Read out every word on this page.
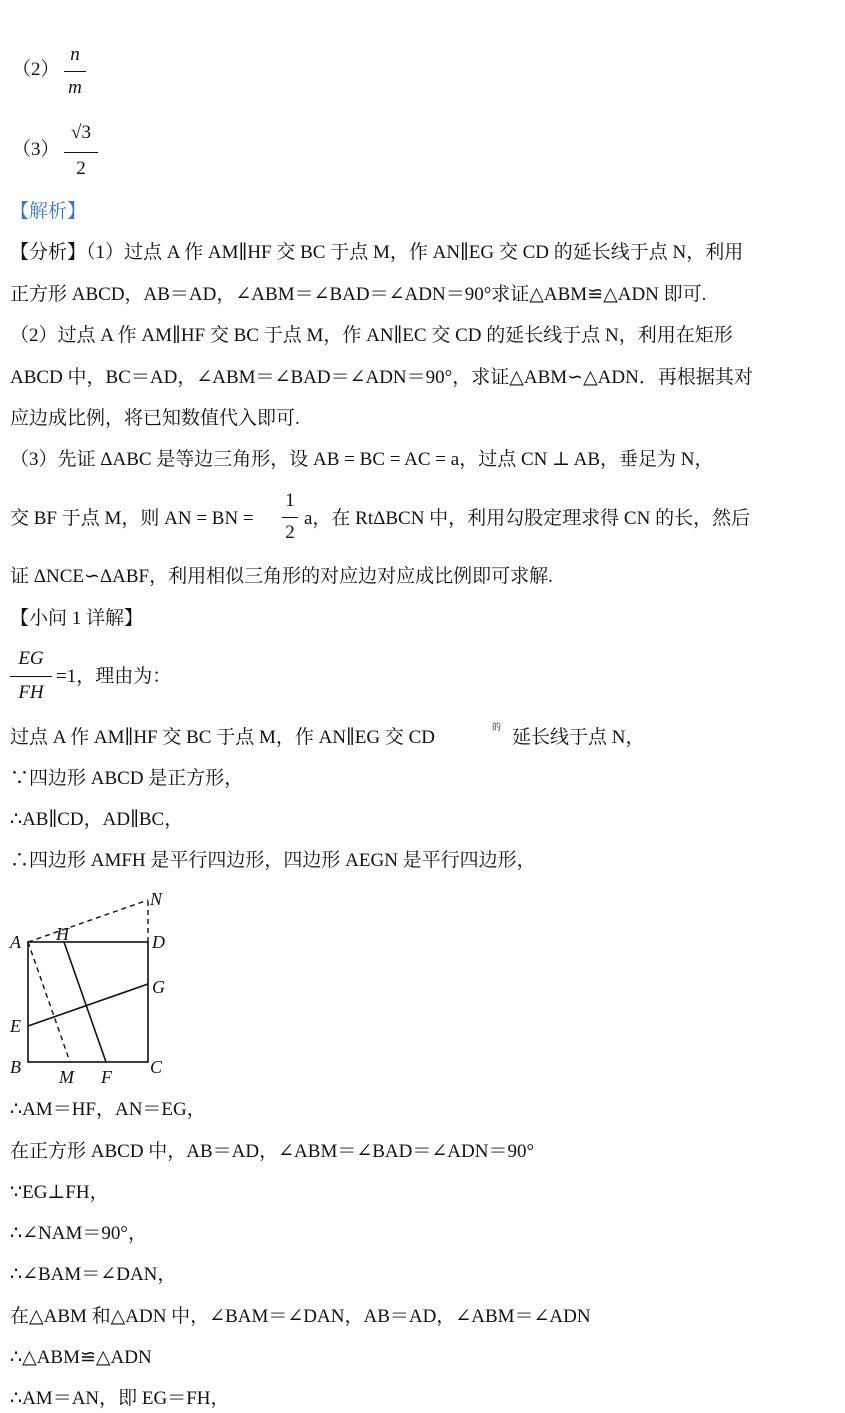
（2）
n
m
（3）
√3
2
【解析】
【分析】（1）过点 A 作 AM∥HF 交 BC 于点 M，作 AN∥EG 交 CD 的延长线于点 N，利用
正方形 ABCD，AB＝AD，∠ABM＝∠BAD＝∠ADN＝90°求证△ABM≌△ADN 即可.
（2）过点 A 作 AM∥HF 交 BC 于点 M，作 AN∥EC 交 CD 的延长线于点 N，利用在矩形
ABCD 中，BC＝AD，∠ABM＝∠BAD＝∠ADN＝90°，求证△ABM∽△ADN．再根据其对
应边成比例，将已知数值代入即可.
（3）先证 ΔABC 是等边三角形，设 AB = BC = AC = a，过点 CN ⊥ AB，垂足为 N，
交 BF 于点 M，则 AN = BN =
1
2
a，在 RtΔBCN 中，利用勾股定理求得 CN 的长，然后
证 ΔNCE∽ΔABF，利用相似三角形的对应边对应成比例即可求解.
【小问 1 详解】
EG
FH
=1，理由为：
过点 A 作 AM∥HF 交 BC 于点 M，作 AN∥EG 交 CD	的 延长线于点 N，
∵四边形 ABCD 是正方形，
∴AB∥CD，AD∥BC，
∴四边形 AMFH 是平行四边形，四边形 AEGN 是平行四边形，
N
A H	D
G
E
B M F C
∴AM＝HF，AN＝EG，
在正方形 ABCD 中，AB＝AD，∠ABM＝∠BAD＝∠ADN＝90°
∵EG⊥FH，
∴∠NAM＝90°，
∴∠BAM＝∠DAN，
在△ABM 和△ADN 中，∠BAM＝∠DAN，AB＝AD，∠ABM＝∠ADN
∴△ABM≌△ADN
∴AM＝AN，即 EG＝FH，
